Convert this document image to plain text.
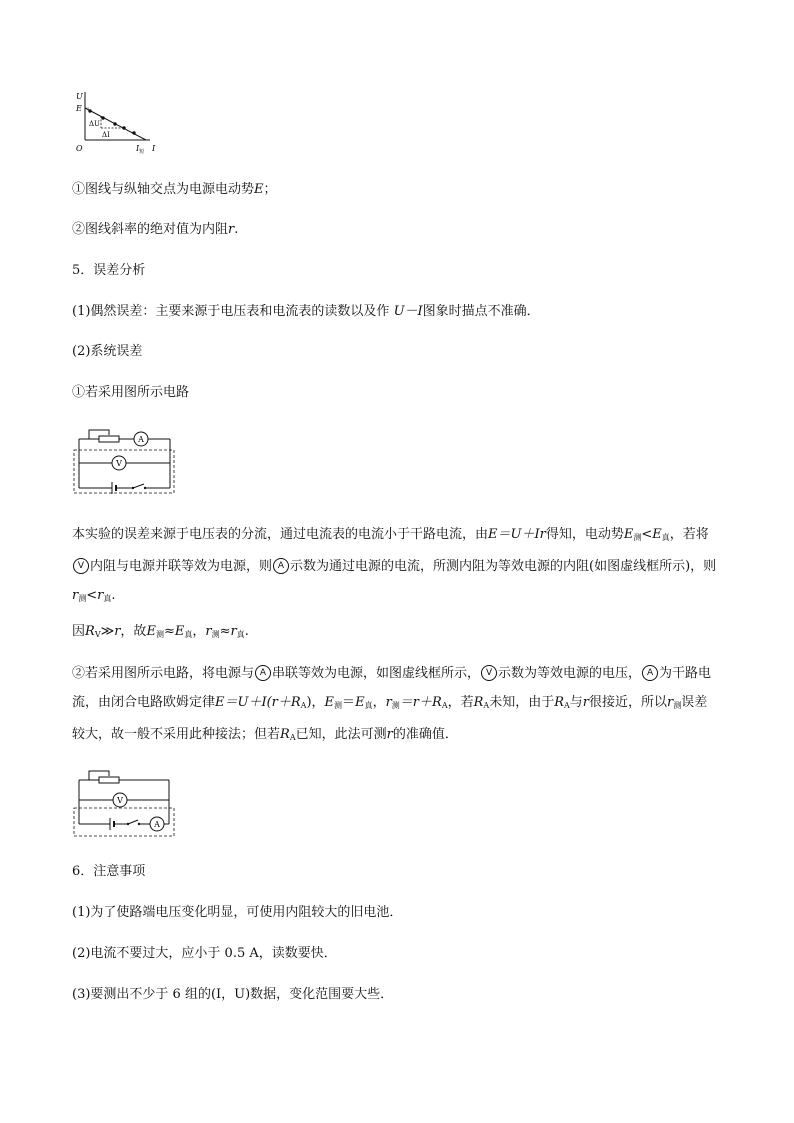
U
E
O
ΔU
ΔI
$I_短$ I
①图线与纵轴交点为电源电动势E；
②图线斜率的绝对值为内阻r.
5．误差分析
(1)偶然误差：主要来源于电压表和电流表的读数以及作 U－I图象时描点不准确．
(2)系统误差
①若采用图所示电路
A
V
本实验的误差来源于电压表的分流，通过电流表的电流小于干路电流，由E＝U＋Ir得知，电动势$E_测<E_真$，若将V 内阻与电源并联等效为电源，则 A 示数为通过电源的电流，所测内阻为等效电源的内阻(如图虚线框所示)，则$r_测<r_真$.
因$R_V≫r$，故$E_测\approx E_真$，$r_测\approx r_真$.
②若采用图所示电路，将电源与 A 串联等效为电源，如图虚线框所示， V 示数为等效电源的电压， A 为干路电流，由闭合电路欧姆定律$E=U+I(r+R_A)$，$E_测=E_真$，$r_测=r+R_A$，若$R_A$未知，由于$R_A$与r很接近，所以$r_测$误差较大，故一般不采用此种接法；但若$R_A$已知，此法可测r的准确值．
V
A
6．注意事项
(1)为了使路端电压变化明显，可使用内阻较大的旧电池．
(2)电流不要过大，应小于 0.5 A，读数要快．
(3)要测出不少于 6 组的(I，U)数据，变化范围要大些．
